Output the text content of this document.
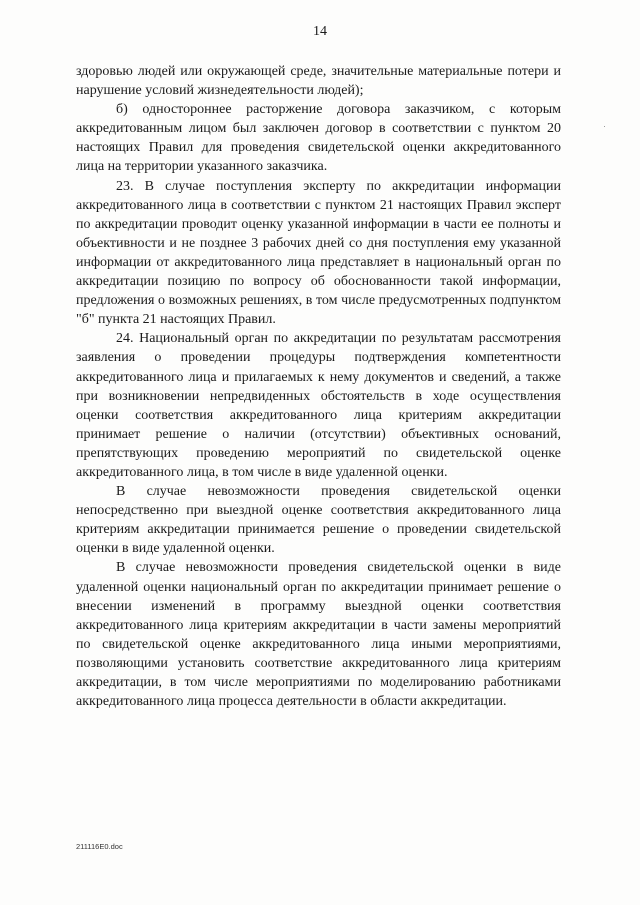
14

здоровью людей или окружающей среде, значительные материальные потери и нарушение условий жизнедеятельности людей);

б) одностороннее расторжение договора заказчиком, с которым аккредитованным лицом был заключен договор в соответствии с пунктом 20 настоящих Правил для проведения свидетельской оценки аккредитованного лица на территории указанного заказчика.

23. В случае поступления эксперту по аккредитации информации аккредитованного лица в соответствии с пунктом 21 настоящих Правил эксперт по аккредитации проводит оценку указанной информации в части ее полноты и объективности и не позднее 3 рабочих дней со дня поступления ему указанной информации от аккредитованного лица представляет в национальный орган по аккредитации позицию по вопросу об обоснованности такой информации, предложения о возможных решениях, в том числе предусмотренных подпунктом "б" пункта 21 настоящих Правил.

24. Национальный орган по аккредитации по результатам рассмотрения заявления о проведении процедуры подтверждения компетентности аккредитованного лица и прилагаемых к нему документов и сведений, а также при возникновении непредвиденных обстоятельств в ходе осуществления оценки соответствия аккредитованного лица критериям аккредитации принимает решение о наличии (отсутствии) объективных оснований, препятствующих проведению мероприятий по свидетельской оценке аккредитованного лица, в том числе в виде удаленной оценки.

В случае невозможности проведения свидетельской оценки непосредственно при выездной оценке соответствия аккредитованного лица критериям аккредитации принимается решение о проведении свидетельской оценки в виде удаленной оценки.

В случае невозможности проведения свидетельской оценки в виде удаленной оценки национальный орган по аккредитации принимает решение о внесении изменений в программу выездной оценки соответствия аккредитованного лица критериям аккредитации в части замены мероприятий по свидетельской оценке аккредитованного лица иными мероприятиями, позволяющими установить соответствие аккредитованного лица критериям аккредитации, в том числе мероприятиями по моделированию работниками аккредитованного лица процесса деятельности в области аккредитации.

211116E0.doc
